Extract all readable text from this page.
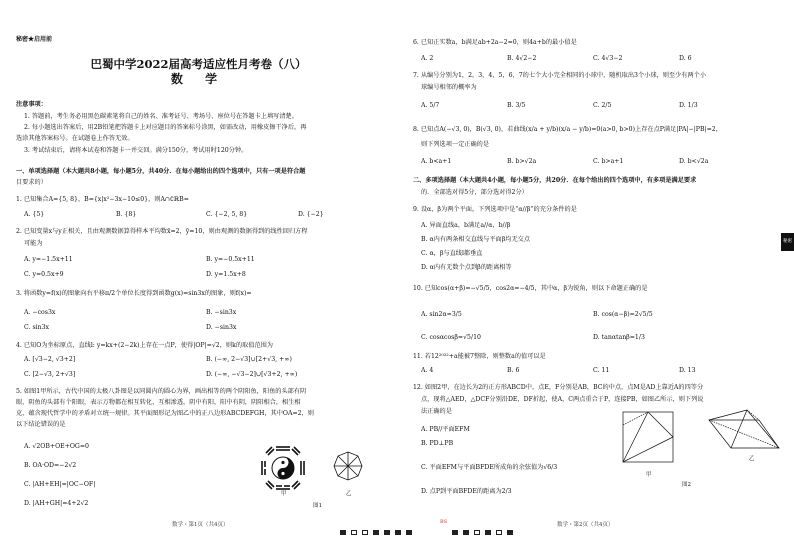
秘密★启用前
巴蜀中学2022届高考适应性月考卷（八）
数 学
注意事项：
1. 答题前，考生务必用黑色碳素笔将自己的姓名、准考证号、考场号、座位号在答题卡上填写清楚。
2. 每小题选出答案后，用2B铅笔把答题卡上对应题目的答案标号涂黑，如需改动，用橡皮擦干净后，再
选涂其他答案标号。在试题卷上作答无效。
3. 考试结束后，请将本试卷和答题卡一并交回。满分150分，考试用时120分钟。
一、单项选择题（本大题共8小题，每小题5分，共40分．在每小题给出的四个选项中，只有一项是符合题
目要求的）
1. 已知集合A={5, 8}，B={x|x²−3x−10≤0}，则A∩∁ℝB=
A. {5}	B. {8}	C. {−2, 5, 8}	D. {−2}
2. 已知变量x与y正相关，且由观测数据算得样本平均数x̄=2，ȳ=10，则由观测的数据得到的线性回归方程
可能为
A. y=−1.5x+11	B. y=−0.5x+11
C. y=0.5x+9	D. y=1.5x+8
3. 将函数y=f(x)的图象向右平移π/2个单位长度得到函数g(x)=sin3x的图象，则f(x)=
A. −cos3x	B. −sin3x
C. sin3x	D. −sin3x
4. 已知O为坐标原点，直线l: y=kx+(2−2k)上存在一点P，使得|OP|=√2，则k的取值范围为
A. [√3−2, √3+2]	B. (−∞, 2−√3]∪[2+√3, +∞)
C. [2−√3, 2+√3]	D. (−∞, −√3−2]∪[√3+2, +∞)
5. 如图1甲所示，古代中国的太极八卦图是以同圆内的圆心为界，画出相等的两个阴阳鱼，阳鱼的头部有阴
眼，阴鱼的头部有个阳眼，表示万物都在相互转化，互相渗透，阴中有阳，阳中有阴，阴阳相合，相生相
克，蕴含现代哲学中的矛盾对立统一规律。其平面图形记为图乙中的正八边形ABCDEFGH，其中OA=2，则
以下结论错误的是
A. √2OB+OE+OG=0
B. OA·OD=−2√2
C. |AH+EH|=|OC−OF|
D. |AH+GH|=4+2√2
甲	乙
图1
数学・第1页（共4页）	BS
6. 已知正实数a，b满足ab+2a−2=0，则4a+b的最小值是
A. 2	B. 4√2−2	C. 4√3−2	D. 6
7. 从编号分别为1，2，3，4，5，6，7的七个大小完全相同的小球中，随机取出3个小球，则至少有两个小
球编号相邻的概率为
A. 5/7	B. 3/5	C. 2/5	D. 1/3
8. 已知点A(−√3, 0)，B(√3, 0)，若曲线(x/a + y/b)(x/a − y/b)=0(a>0, b>0)上存在点P满足|PA|−|PB|=2，
则下列选项一定正确的是
A. b<a+1	B. b>√2a	C. b>a+1	D. b<√2a
二、多项选择题（本大题共4小题，每小题5分，共20分．在每个给出的四个选项中，有多项是满足要求
的．全部选对得5分，部分选对得2分）
9. 设α，β为两个平面，下列选项中是“α//β”的充分条件的是
A. 异面直线a，b满足a//α，b//β
B. α内有两条相交直线与平面β均无交点
C. α，β与直线l都垂直
D. α内有无数个点到β的距离相等
10. 已知cos(α+β)=−√5/5，cos2α=−4/5，其中α，β为锐角，则以下命题正确的是
A. sin2α=3/5	B. cos(α−β)=2√5/5
C. cosαcosβ=√5/10	D. tanαtanβ=1/3
11. 若12²⁰²²+a能被7整除，则整数a的值可以是
A. 4	B. 6	C. 11	D. 13
12. 如图2甲，在边长为2的正方形ABCD中，点E，F分别是AB，BC的中点，点M是AD上靠近A的四等分
点，现将△AED，△DCF分别沿DE，DF折起，使A，C两点重合于P，连接PB，如图乙所示，则下列说
法正确的是
A. PB//平面EFM
B. PD⊥PB
C. 平面EFM与平面BFDE所成角的余弦值为√6/3
D. 点P到平面BFDE的距离为2/3
甲
乙
图2
数学・第2页（共4页）
秘密
